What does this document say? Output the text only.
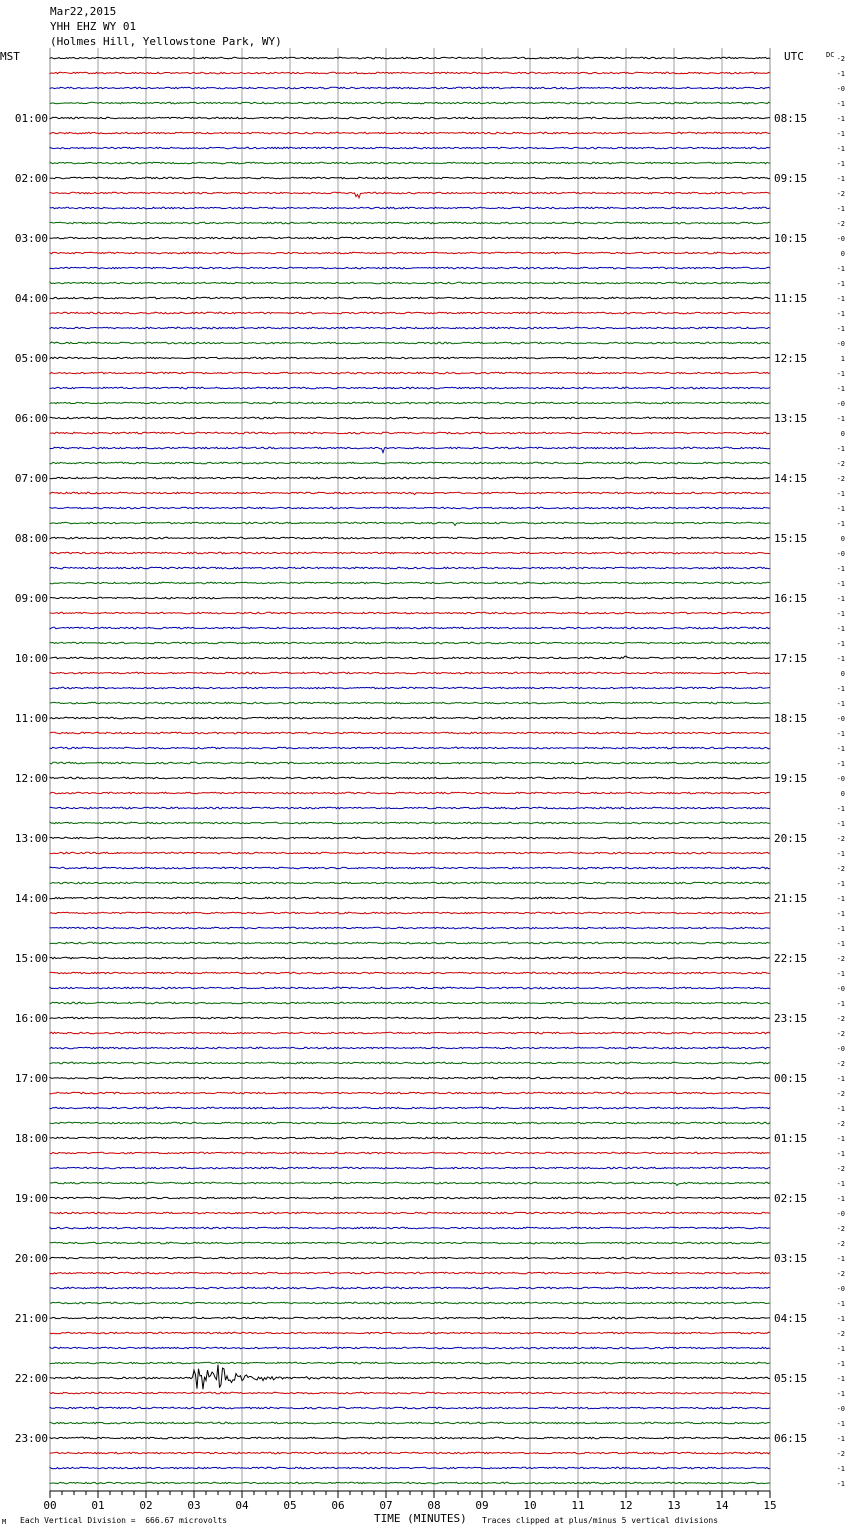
Mar22,2015
YHH EHZ WY 01
(Holmes Hill, Yellowstone Park, WY)
MST	UTC	DC -2
-1
-0
-1
-1
-1
-1
-1
-1
-2
-1
-2
-0
0
-1
-1
-1
-1
-1
-0
1
-1
-1
-0
-1
0
-1
-2
-2
-1
-1
-1
0
-0
-1
-1
-1
-1
-1
-1
-1
0
-1
-1
-0
-1
-1
-1
-0
0
-1
-1
-2
-1
-2
-1
-1
-1
-1
-1
-2
-1
-0
-1
-2
-2
-0
-2
-1
-2
-1
-2
-1
-1
-2
-1
-1
-0
-2
-2
-1
-2
-0
-1
-1
-2
-1
-1
-1
-1
-0
-1
-1
-2
-1
-1
01:00	08:15
02:00	09:15
03:00	10:15
04:00	11:15
05:00	12:15
06:00	13:15
07:00	14:15
08:00	15:15
09:00	16:15
10:00	17:15
11:00	18:15
12:00	19:15
13:00	20:15
14:00	21:15
15:00	22:15
16:00	23:15
17:00	00:15
18:00	01:15
19:00	02:15
20:00	03:15
21:00	04:15
22:00	05:15
23:00	06:15
00	01	02	03	04	05	06	07	08	09	10	11	12	13	14	15
TIME (MINUTES)
Each Vertical Division =  666.67 microvolts	Traces clipped at plus/minus 5 vertical divisions
M
